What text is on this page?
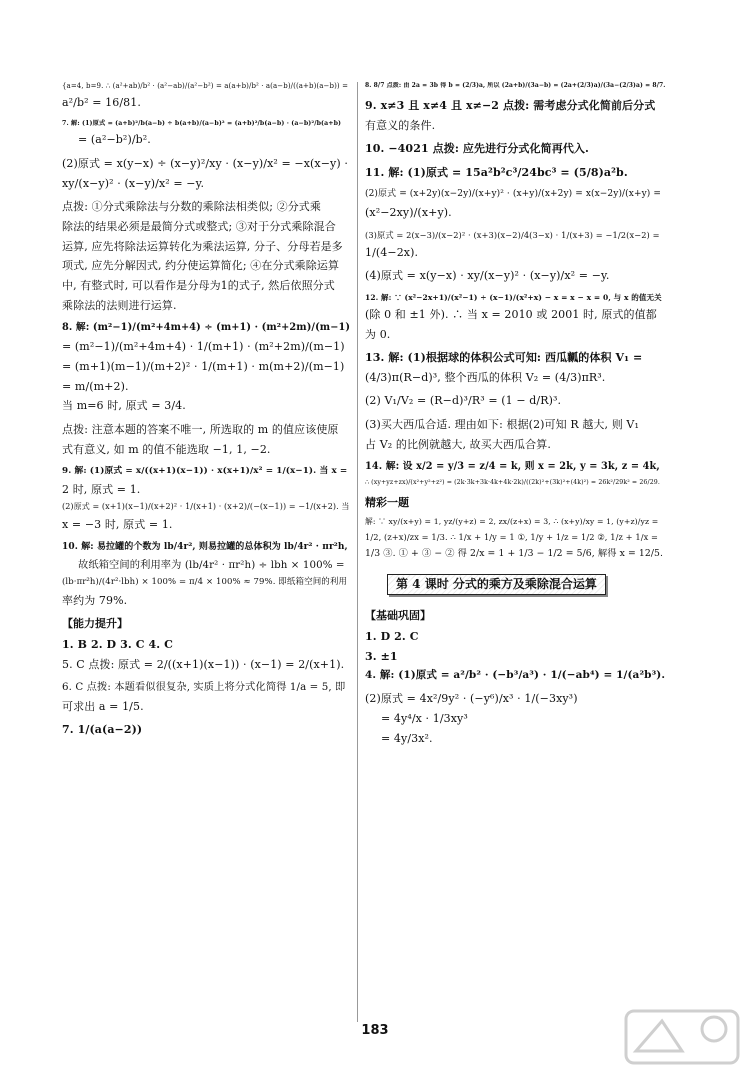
{a=4, b=9. ∴ (a²+ab)/b² · (a²−ab)/(a²−b²) = a(a+b)/b² · a(a−b)/((a+b)(a−b)) =
a²/b² = 16/81.
7. 解: (1)原式 = (a+b)²/b(a−b) ÷ b(a+b)/(a−b)² = (a+b)²/b(a−b) · (a−b)²/b(a+b)
= (a²−b²)/b².
(2)原式 = x(y−x) ÷ (x−y)²/xy · (x−y)/x² = −x(x−y) ·
xy/(x−y)² · (x−y)/x² = −y.
点拨: ①分式乘除法与分数的乘除法相类似; ②分式乘
除法的结果必须是最简分式或整式; ③对于分式乘除混合
运算, 应先将除法运算转化为乘法运算, 分子、分母若是多
项式, 应先分解因式, 约分使运算简化; ④在分式乘除运算
中, 有整式时, 可以看作是分母为1的式子, 然后依照分式
乘除法的法则进行运算.
8. 解: (m²−1)/(m²+4m+4) ÷ (m+1) · (m²+2m)/(m−1)
= (m²−1)/(m²+4m+4) · 1/(m+1) · (m²+2m)/(m−1)
= (m+1)(m−1)/(m+2)² · 1/(m+1) · m(m+2)/(m−1)
= m/(m+2).
当 m=6 时, 原式 = 3/4.
点拨: 注意本题的答案不唯一, 所选取的 m 的值应该使原
式有意义, 如 m 的值不能选取 −1, 1, −2.
9. 解: (1)原式 = x/((x+1)(x−1)) · x(x+1)/x² = 1/(x−1). 当 x =
2 时, 原式 = 1.
(2)原式 = (x+1)(x−1)/(x+2)² · 1/(x+1) · (x+2)/(−(x−1)) = −1/(x+2). 当
x = −3 时, 原式 = 1.
10. 解: 易拉罐的个数为 lb/4r², 则易拉罐的总体积为 lb/4r² · πr²h,
故纸箱空间的利用率为 (lb/4r² · πr²h) ÷ lbh × 100% =
(lb·πr²h)/(4r²·lbh) × 100% = π/4 × 100% ≈ 79%. 即纸箱空间的利用
率约为 79%.
【能力提升】
1. B 2. D 3. C 4. C
5. C 点拨: 原式 = 2/((x+1)(x−1)) · (x−1) = 2/(x+1).
6. C 点拨: 本题看似很复杂, 实质上将分式化简得 1/a = 5, 即
可求出 a = 1/5.
7. 1/(a(a−2))
8. 8/7 点拨: 由 2a = 3b 得 b = (2/3)a, 所以 (2a+b)/(3a−b) = (2a+(2/3)a)/(3a−(2/3)a) = 8/7.
9. x≠3 且 x≠4 且 x≠−2 点拨: 需考虑分式化简前后分式
有意义的条件.
10. −4021 点拨: 应先进行分式化简再代入.
11. 解: (1)原式 = 15a²b²c³/24bc³ = (5/8)a²b.
(2)原式 = (x+2y)(x−2y)/(x+y)² · (x+y)/(x+2y) = x(x−2y)/(x+y) =
(x²−2xy)/(x+y).
(3)原式 = 2(x−3)/(x−2)² · (x+3)(x−2)/4(3−x) · 1/(x+3) = −1/2(x−2) =
1/(4−2x).
(4)原式 = x(y−x) · xy/(x−y)² · (x−y)/x² = −y.
12. 解: ∵ (x²−2x+1)/(x²−1) ÷ (x−1)/(x²+x) − x = x − x = 0, 与 x 的值无关
(除 0 和 ±1 外). ∴ 当 x = 2010 或 2001 时, 原式的值都
为 0.
13. 解: (1)根据球的体积公式可知: 西瓜瓤的体积 V₁ =
(4/3)π(R−d)³, 整个西瓜的体积 V₂ = (4/3)πR³.
(2) V₁/V₂ = (R−d)³/R³ = (1 − d/R)³.
(3)买大西瓜合适. 理由如下: 根据(2)可知 R 越大, 则 V₁
占 V₂ 的比例就越大, 故买大西瓜合算.
14. 解: 设 x/2 = y/3 = z/4 = k, 则 x = 2k, y = 3k, z = 4k,
∴ (xy+yz+zx)/(x²+y²+z²) = (2k·3k+3k·4k+4k·2k)/((2k)²+(3k)²+(4k)²) = 26k²/29k² = 26/29.
精彩一题
解: ∵ xy/(x+y) = 1, yz/(y+z) = 2, zx/(z+x) = 3, ∴ (x+y)/xy = 1, (y+z)/yz =
1/2, (z+x)/zx = 1/3. ∴ 1/x + 1/y = 1 ①, 1/y + 1/z = 1/2 ②, 1/z + 1/x =
1/3 ③. ① + ③ − ② 得 2/x = 1 + 1/3 − 1/2 = 5/6, 解得 x = 12/5.
第 4 课时 分式的乘方及乘除混合运算
【基础巩固】
1. D 2. C
3. ±1
4. 解: (1)原式 = a²/b² · (−b³/a³) · 1/(−ab⁴) = 1/(a²b³).
(2)原式 = 4x²/9y² · (−y⁶)/x³ · 1/(−3xy³)
= 4y⁴/x · 1/3xy³
= 4y/3x².
183
